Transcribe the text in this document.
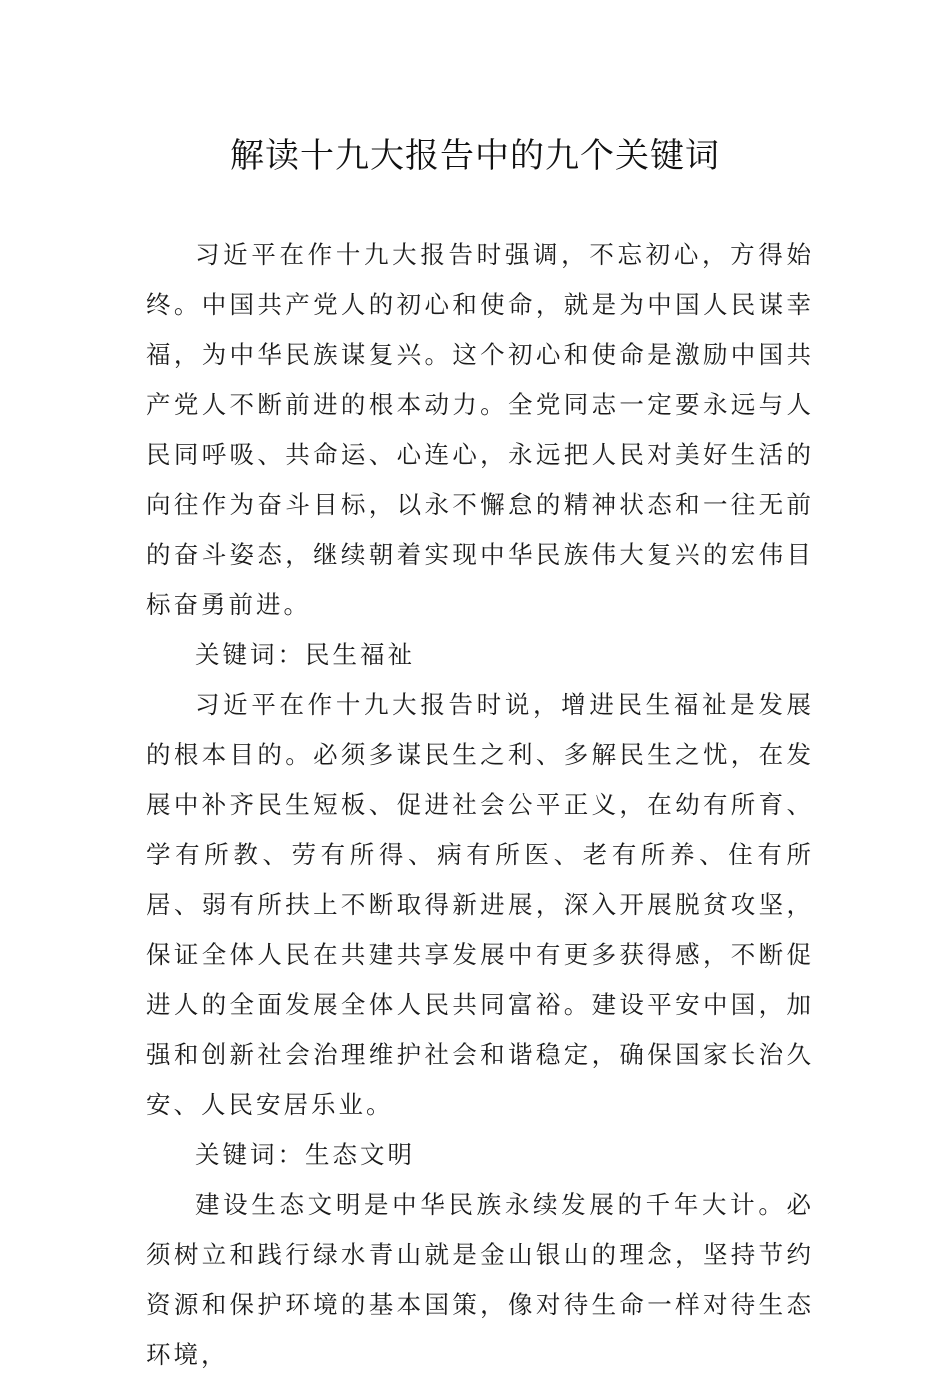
解读十九大报告中的九个关键词

习近平在作十九大报告时强调，不忘初心，方得始终。中国共产党人的初心和使命，就是为中国人民谋幸福，为中华民族谋复兴。这个初心和使命是激励中国共产党人不断前进的根本动力。全党同志一定要永远与人民同呼吸、共命运、心连心，永远把人民对美好生活的向往作为奋斗目标，以永不懈怠的精神状态和一往无前的奋斗姿态，继续朝着实现中华民族伟大复兴的宏伟目标奋勇前进。

关键词：民生福祉

习近平在作十九大报告时说，增进民生福祉是发展的根本目的。必须多谋民生之利、多解民生之忧，在发展中补齐民生短板、促进社会公平正义，在幼有所育、学有所教、劳有所得、病有所医、老有所养、住有所居、弱有所扶上不断取得新进展，深入开展脱贫攻坚，保证全体人民在共建共享发展中有更多获得感，不断促进人的全面发展全体人民共同富裕。建设平安中国，加强和创新社会治理维护社会和谐稳定，确保国家长治久安、人民安居乐业。

关键词：生态文明

建设生态文明是中华民族永续发展的千年大计。必须树立和践行绿水青山就是金山银山的理念，坚持节约资源和保护环境的基本国策，像对待生命一样对待生态环境，
